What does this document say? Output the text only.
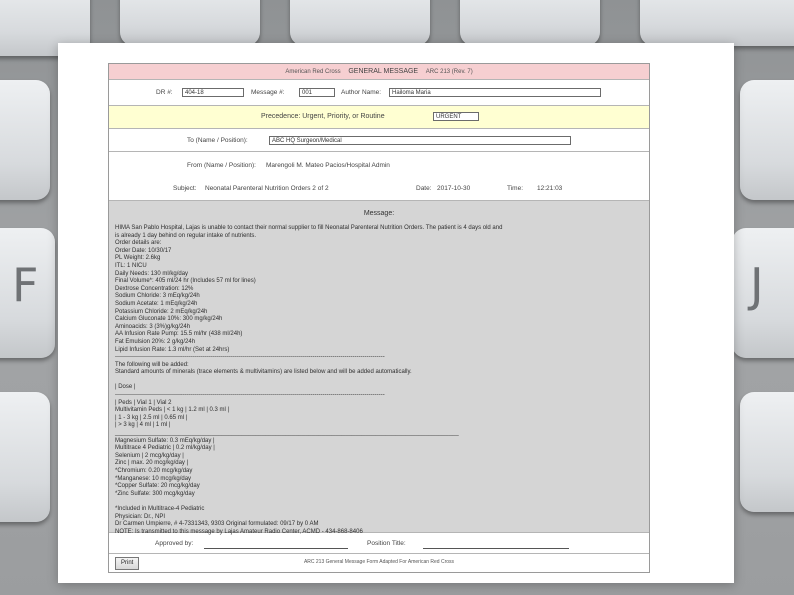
F	J
American Red Cross GENERAL MESSAGE ARC 213 (Rev. 7)
DR #:	404-18	Message #:	001	Author Name:	Hailoma Maria
Precedence: Urgent, Priority, or Routine	URGENT
To (Name / Position):	ABC HQ Surgeon/Medical
From (Name / Position): Marengoli M. Mateo Pacios/Hospital Admin
Subject: Neonatal Parenteral Nutrition Orders 2 of 2	Date: 2017-10-30	Time: 12:21:03
Message:
HIMA San Pablo Hospital, Lajas is unable to contact their normal supplier to fill Neonatal Parenteral Nutrition Orders. The patient is 4 days old and
is already 1 day behind on regular intake of nutrients.
Order details are:
Order Date: 10/30/17
PL Weight: 2.6kg
ITL: 1 NICU
Daily Needs: 130 ml/kg/day
Final Volume*: 405 ml/24 hr (Includes 57 ml for lines)
Dextrose Concentration: 12%
Sodium Chloride: 3 mEq/kg/24h
Sodium Acetate: 1 mEq/kg/24h
Potassium Chloride: 2 mEq/kg/24h
Calcium Gluconate 10%: 300 mg/kg/24h
Aminoacids: 3 (3%)g/kg/24h
AA Infusion Rate Pump: 15.5 ml/hr (438 ml/24h)
Fat Emulsion 20%: 2 g/kg/24h
Lipid Infusion Rate: 1.3 ml/hr (Set at 24hrs)
---------------------------------------------------------------------------------------------------------------------------------------
The following will be added:
Standard amounts of minerals (trace elements & multivitamins) are listed below and will be added automatically.

| Dose |
---------------------------------------------------------------------------------------------------------------------------------------
| Peds | Vial 1 | Vial 2
Multivitamin Peds | < 1 kg | 1.2 ml | 0.3 ml |
| 1 - 3 kg | 2.5 ml | 0.65 ml |
| > 3 kg | 4 ml | 1 ml |
_______________________________________________________________________________________________________
Magnesium Sulfate: 0.3 mEq/kg/day |
Multitrace 4 Pediatric | 0.2 ml/kg/day |
Selenium | 2 mcg/kg/day |
Zinc | max. 20 mcg/kg/day |
*Chromium: 0.20 mcg/kg/day
*Manganese: 10 mcg/kg/day
*Copper Sulfate: 20 mcg/kg/day
*Zinc Sulfate: 300 mcg/kg/day

*Included in Multitrace-4 Pediatric
Physician: Dr., NPI
Dr Carmen Umpierre, # 4-7331343, 9303 Original formulated: 09/17 by 0 AM
NOTE: Is transmitted to this message by Lajas Amateur Radio Center, ACMD - 434-868-8406
Approved by:	Position Title:
Print	ARC 213 General Message Form Adapted For American Red Cross
